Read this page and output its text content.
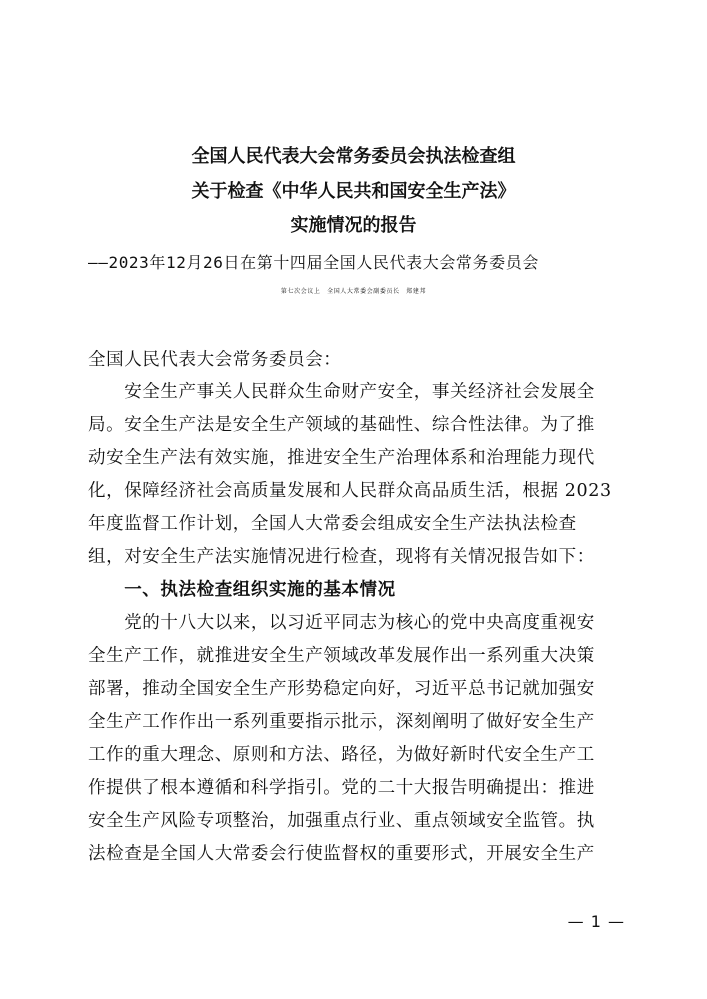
全国人民代表大会常务委员会执法检查组
关于检查《中华人民共和国安全生产法》
实施情况的报告
——2023年12月26日在第十四届全国人民代表大会常务委员会
第七次会议上　全国人大常委会副委员长　郑建邦
全国人民代表大会常务委员会：
　　安全生产事关人民群众生命财产安全，事关经济社会发展全
局。安全生产法是安全生产领域的基础性、综合性法律。为了推
动安全生产法有效实施，推进安全生产治理体系和治理能力现代
化，保障经济社会高质量发展和人民群众高品质生活，根据 2023
年度监督工作计划，全国人大常委会组成安全生产法执法检查
组，对安全生产法实施情况进行检查，现将有关情况报告如下：
　　一、执法检查组织实施的基本情况
　　党的十八大以来，以习近平同志为核心的党中央高度重视安
全生产工作，就推进安全生产领域改革发展作出一系列重大决策
部署，推动全国安全生产形势稳定向好，习近平总书记就加强安
全生产工作作出一系列重要指示批示，深刻阐明了做好安全生产
工作的重大理念、原则和方法、路径，为做好新时代安全生产工
作提供了根本遵循和科学指引。党的二十大报告明确提出：推进
安全生产风险专项整治，加强重点行业、重点领域安全监管。执
法检查是全国人大常委会行使监督权的重要形式，开展安全生产
— 1 —
